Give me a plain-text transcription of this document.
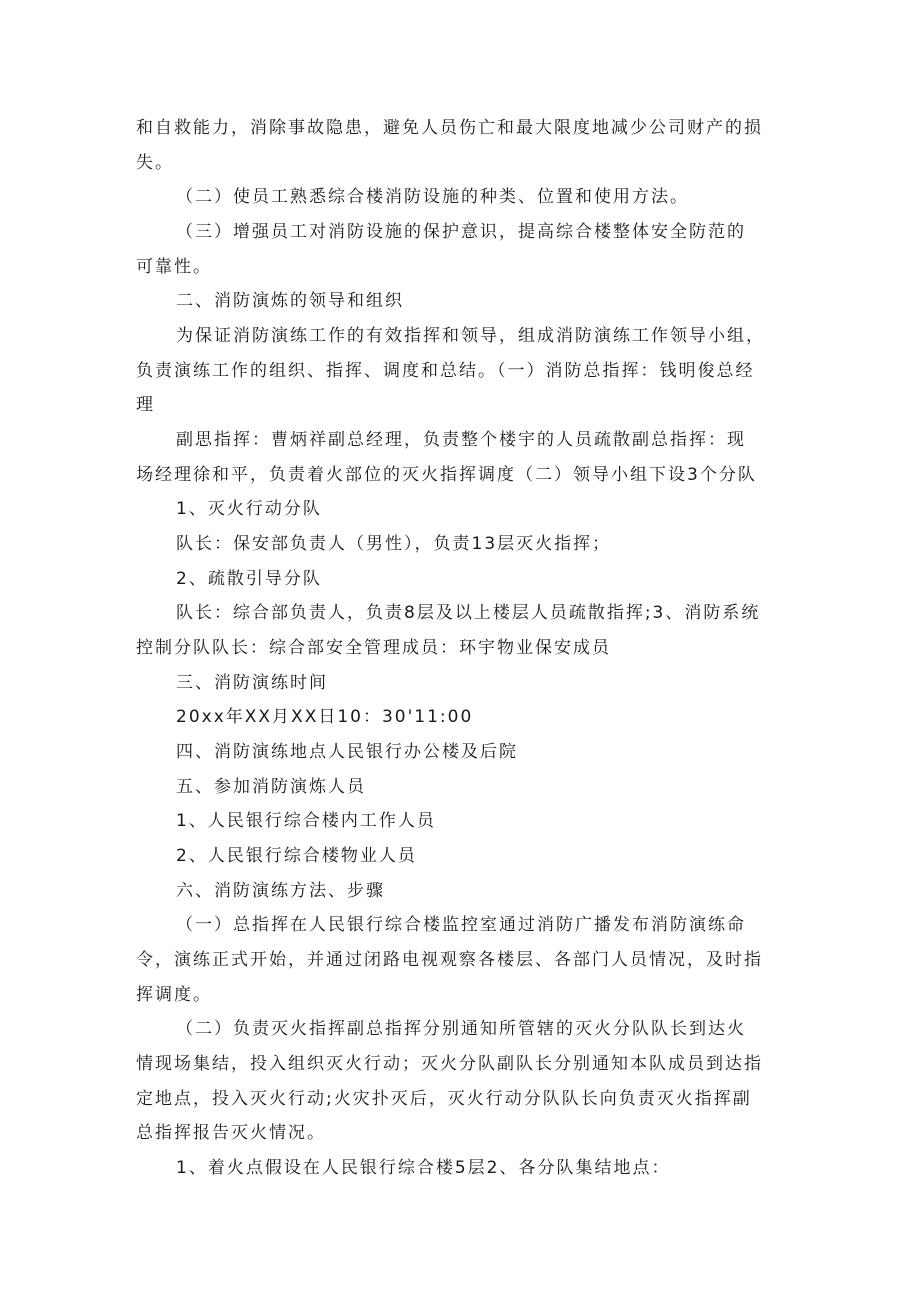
和自救能力，消除事故隐患，避免人员伤亡和最大限度地减少公司财产的损
失。
（二）使员工熟悉综合楼消防设施的种类、位置和使用方法。
（三）增强员工对消防设施的保护意识，提高综合楼整体安全防范的
可靠性。
二、消防演炼的领导和组织
为保证消防演练工作的有效指挥和领导，组成消防演练工作领导小组，
负责演练工作的组织、指挥、调度和总结。（一）消防总指挥：钱明俊总经
理
副思指挥：曹炳祥副总经理，负责整个楼宇的人员疏散副总指挥：现
场经理徐和平，负责着火部位的灭火指挥调度（二）领导小组下设3个分队
1、灭火行动分队
队长：保安部负责人（男性），负责13层灭火指挥；
2、疏散引导分队
队长：综合部负责人，负责8层及以上楼层人员疏散指挥;3、消防系统
控制分队队长：综合部安全管理成员：环宇物业保安成员
三、消防演练时间
20xx年XX月XX日10：30'11:00
四、消防演练地点人民银行办公楼及后院
五、参加消防演炼人员
1、人民银行综合楼内工作人员
2、人民银行综合楼物业人员
六、消防演练方法、步骤
（一）总指挥在人民银行综合楼监控室通过消防广播发布消防演练命
令，演练正式开始，并通过闭路电视观察各楼层、各部门人员情况，及时指
挥调度。
（二）负责灭火指挥副总指挥分别通知所管辖的灭火分队队长到达火
情现场集结，投入组织灭火行动；灭火分队副队长分别通知本队成员到达指
定地点，投入灭火行动;火灾扑灭后，灭火行动分队队长向负责灭火指挥副
总指挥报告灭火情况。
1、着火点假设在人民银行综合楼5层2、各分队集结地点：
